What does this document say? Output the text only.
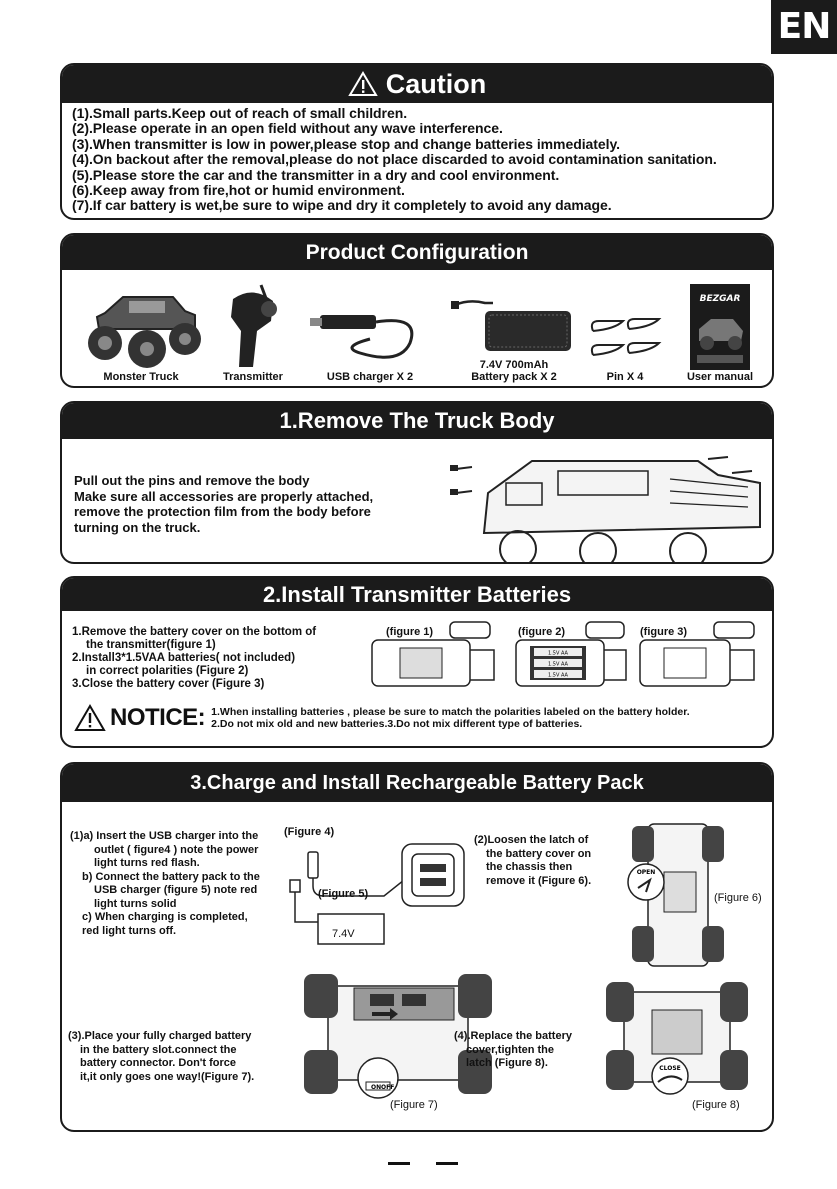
EN
Caution
(1).Small parts.Keep out of reach of small children.
(2).Please operate in an open field without any wave interference.
(3).When transmitter is low in power,please stop and change batteries immediately.
(4).On backout after the removal,please do not place discarded to avoid contamination sanitation.
(5).Please store the car and the transmitter in a dry and cool environment.
(6).Keep away from fire,hot or humid environment.
(7).If car battery is wet,be sure to wipe and dry it completely to avoid any damage.
Product Configuration
Monster Truck	Transmitter	USB charger X 2
7.4V 700mAh
Battery pack X 2	Pin X 4
BEZGAR
User manual
1.Remove The Truck Body
Pull out the pins and remove the body
Make sure all accessories are properly attached,
remove the protection film from the body before
turning on the truck.
2.Install Transmitter Batteries
1.Remove the battery cover on the bottom of
the transmitter(figure 1)
2.Install3*1.5VAA batteries( not included)
in correct polarities (Figure 2)
3.Close the battery cover (Figure 3)
(figure 1)	(figure 2)	(figure 3)
1.5V AA
1.5V AA
1.5V AA
NOTICE: 1.When installing batteries , please be sure to match the polarities labeled on the battery holder.
2.Do not mix old and new batteries.3.Do not mix different type of batteries.
3.Charge and Install Rechargeable Battery Pack
(1)a) Insert the USB charger into the
outlet ( figure4 ) note the power
light turns red flash.
b) Connect the battery pack to the
USB charger (figure 5) note red
light turns solid
c) When charging is completed,
red light turns off.
(Figure 4)
(Figure 5)
7.4V
(2)Loosen the latch of
the battery cover on
the chassis then
remove it (Figure 6).
OPEN
(Figure 6)
(3).Place your fully charged battery
in the battery slot.connect the
battery connector. Don't force
it,it only goes one way!(Figure 7).
ON OFF
(Figure 7)
(4).Replace the battery
cover,tighten the
latch (Figure 8).	CLOSE
(Figure 8)
